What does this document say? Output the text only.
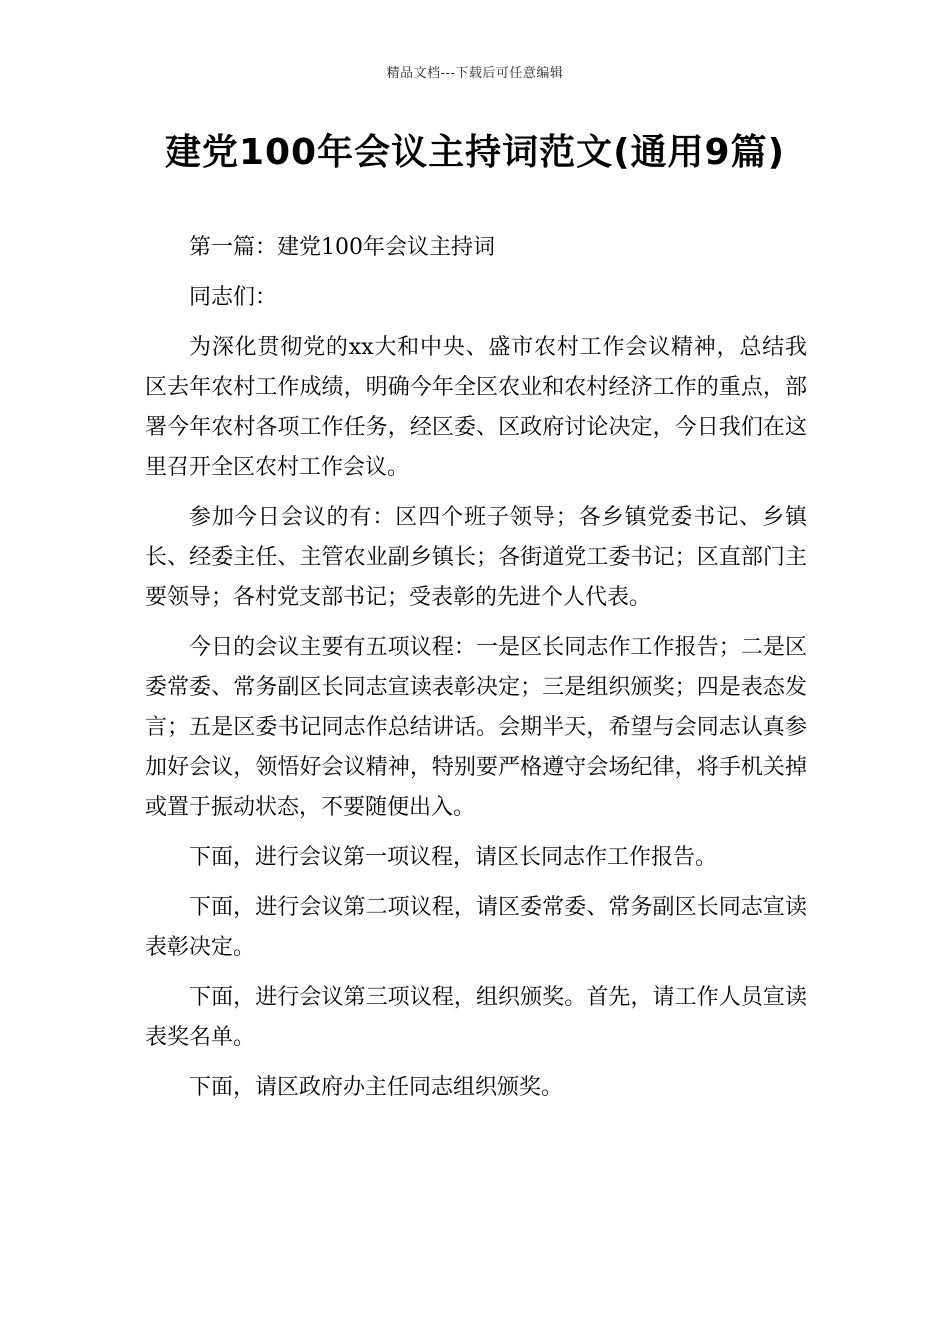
精品文档---下载后可任意编辑
建党100年会议主持词范文(通用9篇)

第一篇：建党100年会议主持词

同志们：

为深化贯彻党的xx大和中央、盛市农村工作会议精神，总结我区去年农村工作成绩，明确今年全区农业和农村经济工作的重点，部署今年农村各项工作任务，经区委、区政府讨论决定，今日我们在这里召开全区农村工作会议。

参加今日会议的有：区四个班子领导；各乡镇党委书记、乡镇长、经委主任、主管农业副乡镇长；各街道党工委书记；区直部门主要领导；各村党支部书记；受表彰的先进个人代表。

今日的会议主要有五项议程：一是区长同志作工作报告；二是区委常委、常务副区长同志宣读表彰决定；三是组织颁奖；四是表态发言；五是区委书记同志作总结讲话。会期半天，希望与会同志认真参加好会议，领悟好会议精神，特别要严格遵守会场纪律，将手机关掉或置于振动状态，不要随便出入。

下面，进行会议第一项议程，请区长同志作工作报告。

下面，进行会议第二项议程，请区委常委、常务副区长同志宣读表彰决定。

下面，进行会议第三项议程，组织颁奖。首先，请工作人员宣读表奖名单。

下面，请区政府办主任同志组织颁奖。
